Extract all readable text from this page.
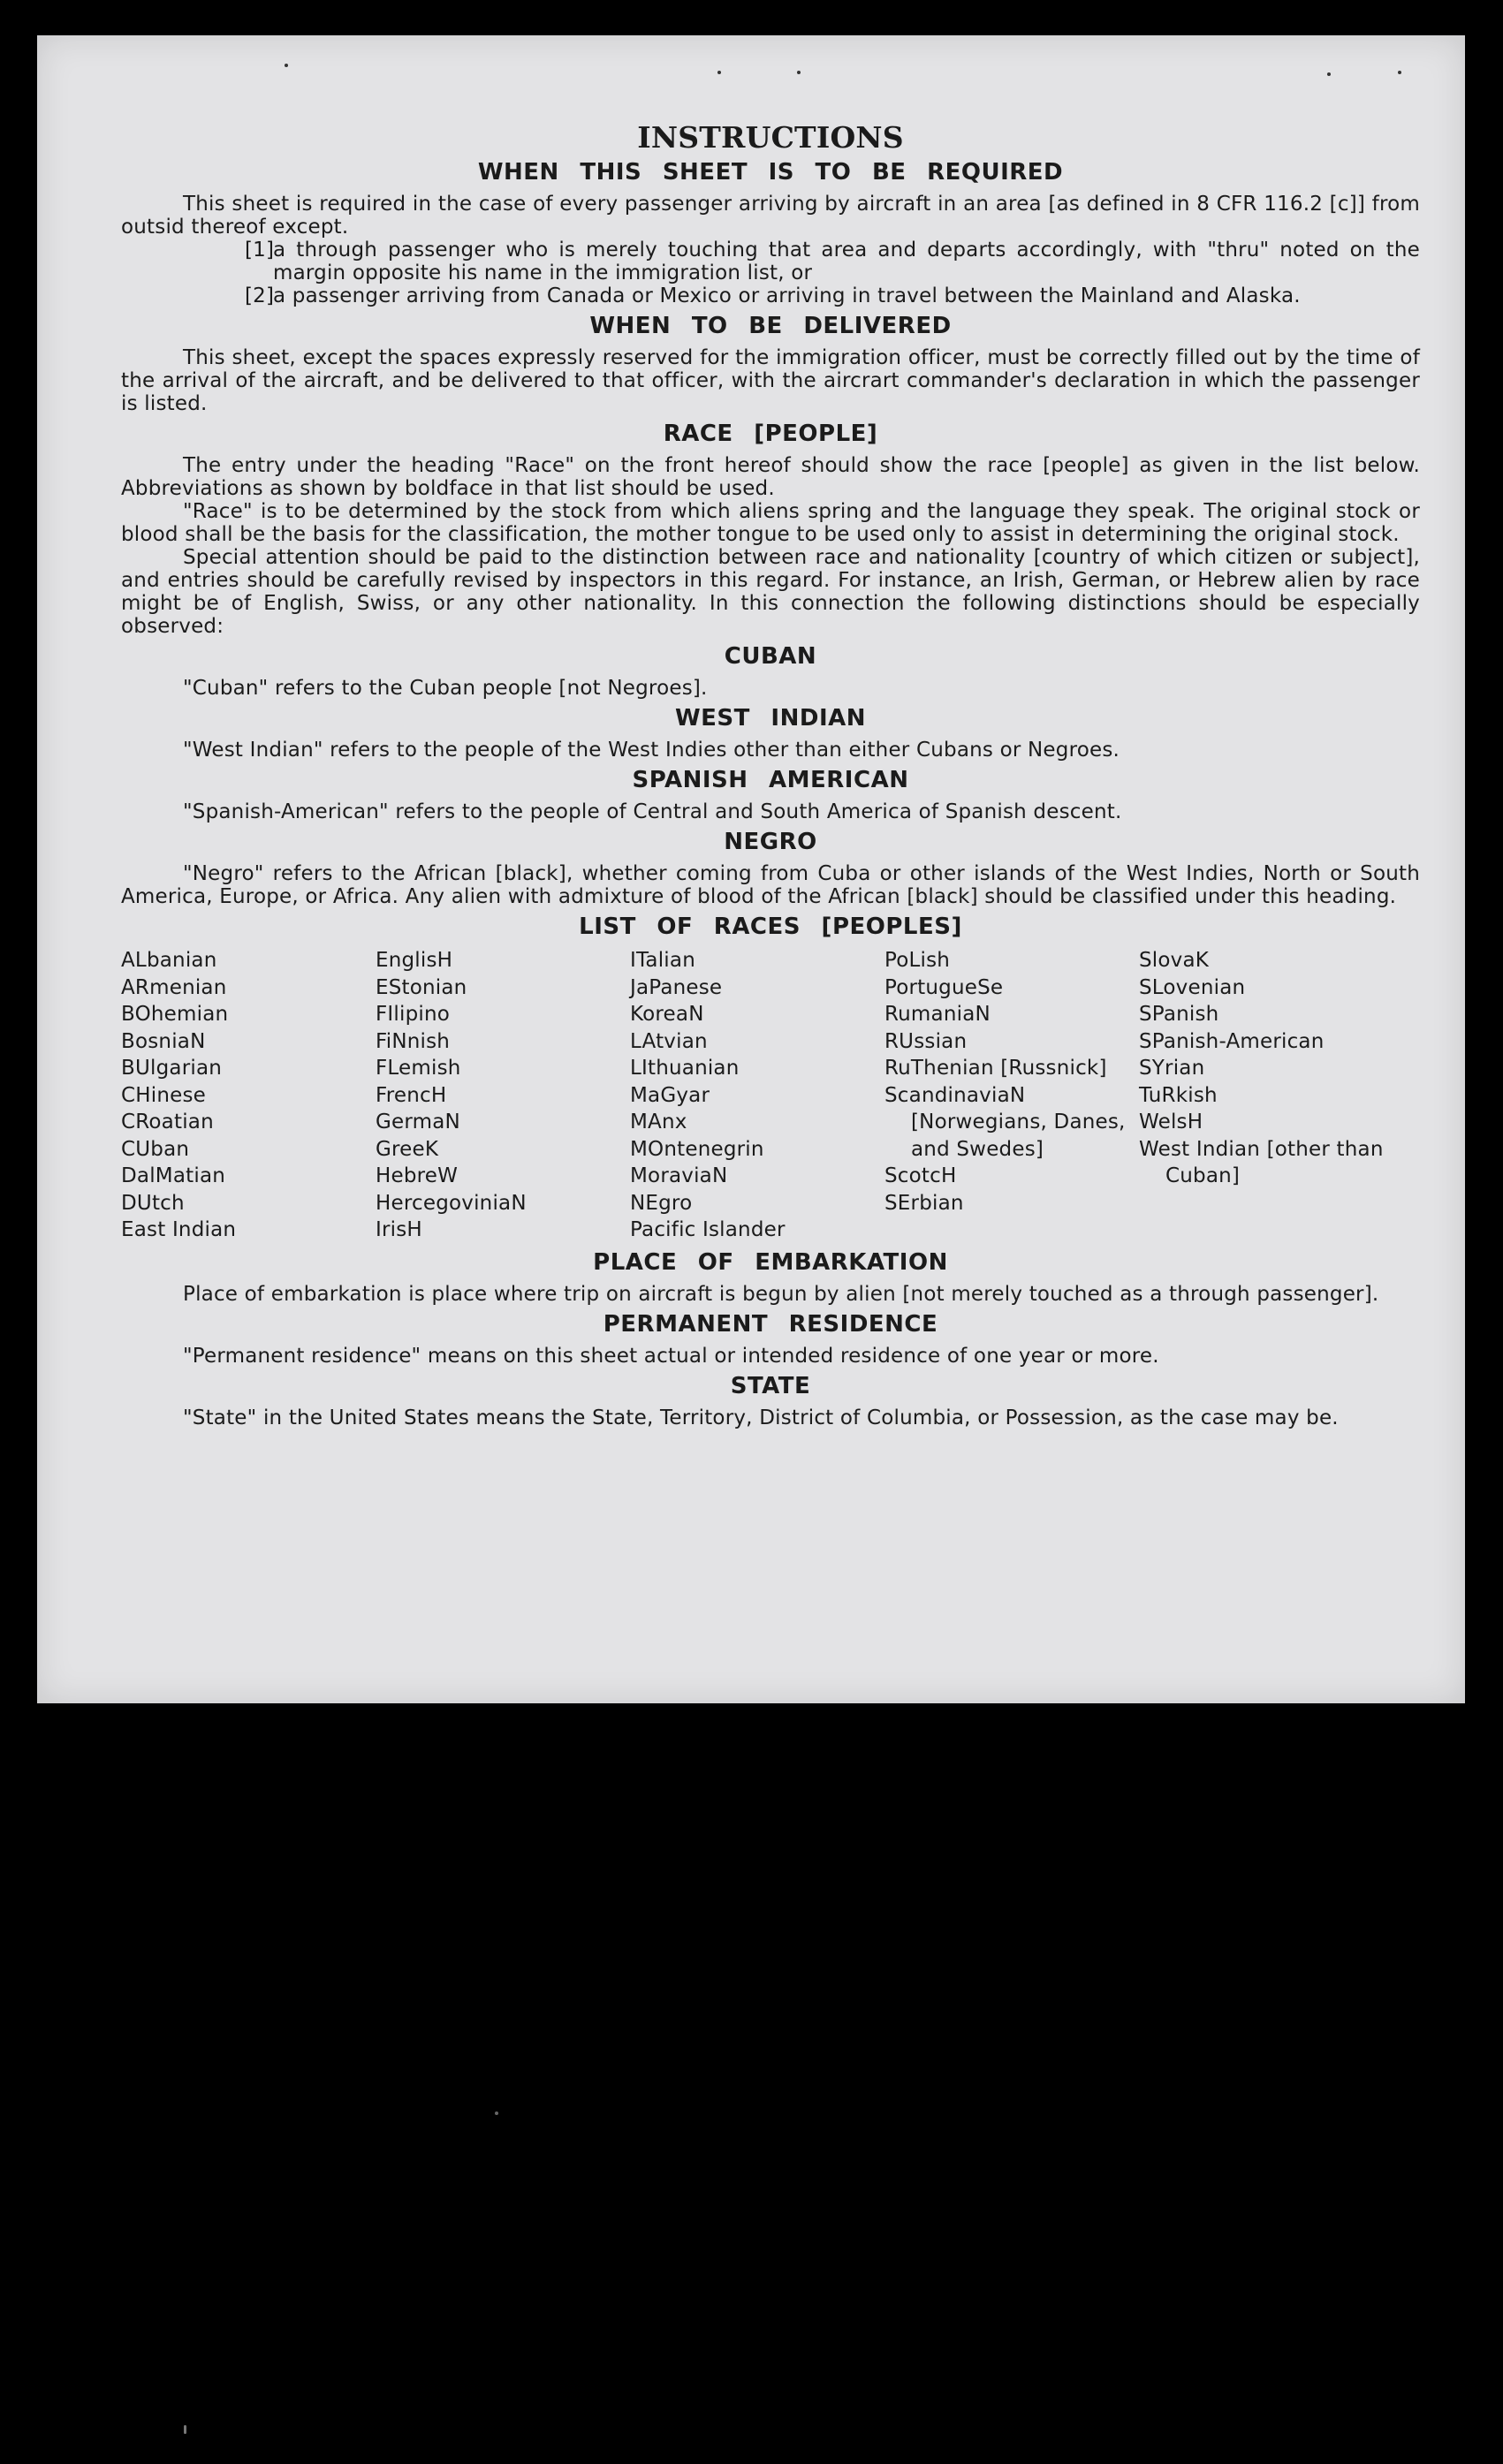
INSTRUCTIONS
WHEN THIS SHEET IS TO BE REQUIRED

This sheet is required in the case of every passenger arriving by aircraft in an area [as defined in 8 CFR 116.2 [c]] from outsid thereof except.

[1]
a through passenger who is merely touching that area and departs accordingly, with "thru" noted on the margin opposite his name in the immigration list, or

[2]
a passenger arriving from Canada or Mexico or arriving in travel between the Mainland and Alaska.

WHEN TO BE DELIVERED

This sheet, except the spaces expressly reserved for the immigration officer, must be correctly filled out by the time of the arrival of the aircraft, and be delivered to that officer, with the aircrart commander's declaration in which the passenger is listed.

RACE [PEOPLE]

The entry under the heading "Race" on the front hereof should show the race [people] as given in the list below. Abbreviations as shown by boldface in that list should be used.

"Race" is to be determined by the stock from which aliens spring and the language they speak. The original stock or blood shall be the basis for the classification, the mother tongue to be used only to assist in determining the original stock.

Special attention should be paid to the distinction between race and nationality [country of which citizen or subject], and entries should be carefully revised by inspectors in this regard. For instance, an Irish, German, or Hebrew alien by race might be of English, Swiss, or any other nationality. In this connection the following distinctions should be especially observed:

CUBAN

"Cuban" refers to the Cuban people [not Negroes].

WEST INDIAN

"West Indian" refers to the people of the West Indies other than either Cubans or Negroes.

SPANISH AMERICAN

"Spanish-American" refers to the people of Central and South America of Spanish descent.

NEGRO

"Negro" refers to the African [black], whether coming from Cuba or other islands of the West Indies, North or South America, Europe, or Africa. Any alien with admixture of blood of the African [black] should be classified under this heading.

LIST OF RACES [PEOPLES]
ALbanian
ARmenian
BOhemian
BosniaN
BUlgarian
CHinese
CRoatian
CUban
DalMatian
DUtch
East Indian
EnglisH
EStonian
FIlipino
FiNnish
FLemish
FrencH
GermaN
GreeK
HebreW
HercegoviniaN
IrisH
ITalian
JaPanese
KoreaN
LAtvian
LIthuanian
MaGyar
MAnx
MOntenegrin
MoraviaN
NEgro
Pacific Islander
PoLish
PortugueSe
RumaniaN
RUssian
RuThenian [Russnick]
ScandinaviaN [Norwegians, Danes, and Swedes]
ScotcH
SErbian
SlovaK
SLovenian
SPanish
SPanish-American
SYrian
TuRkish
WelsH
West Indian [other than Cuban]
PLACE OF EMBARKATION

Place of embarkation is place where trip on aircraft is begun by alien [not merely touched as a through passenger].

PERMANENT RESIDENCE

"Permanent residence" means on this sheet actual or intended residence of one year or more.

STATE

"State" in the United States means the State, Territory, District of Columbia, or Possession, as the case may be.
